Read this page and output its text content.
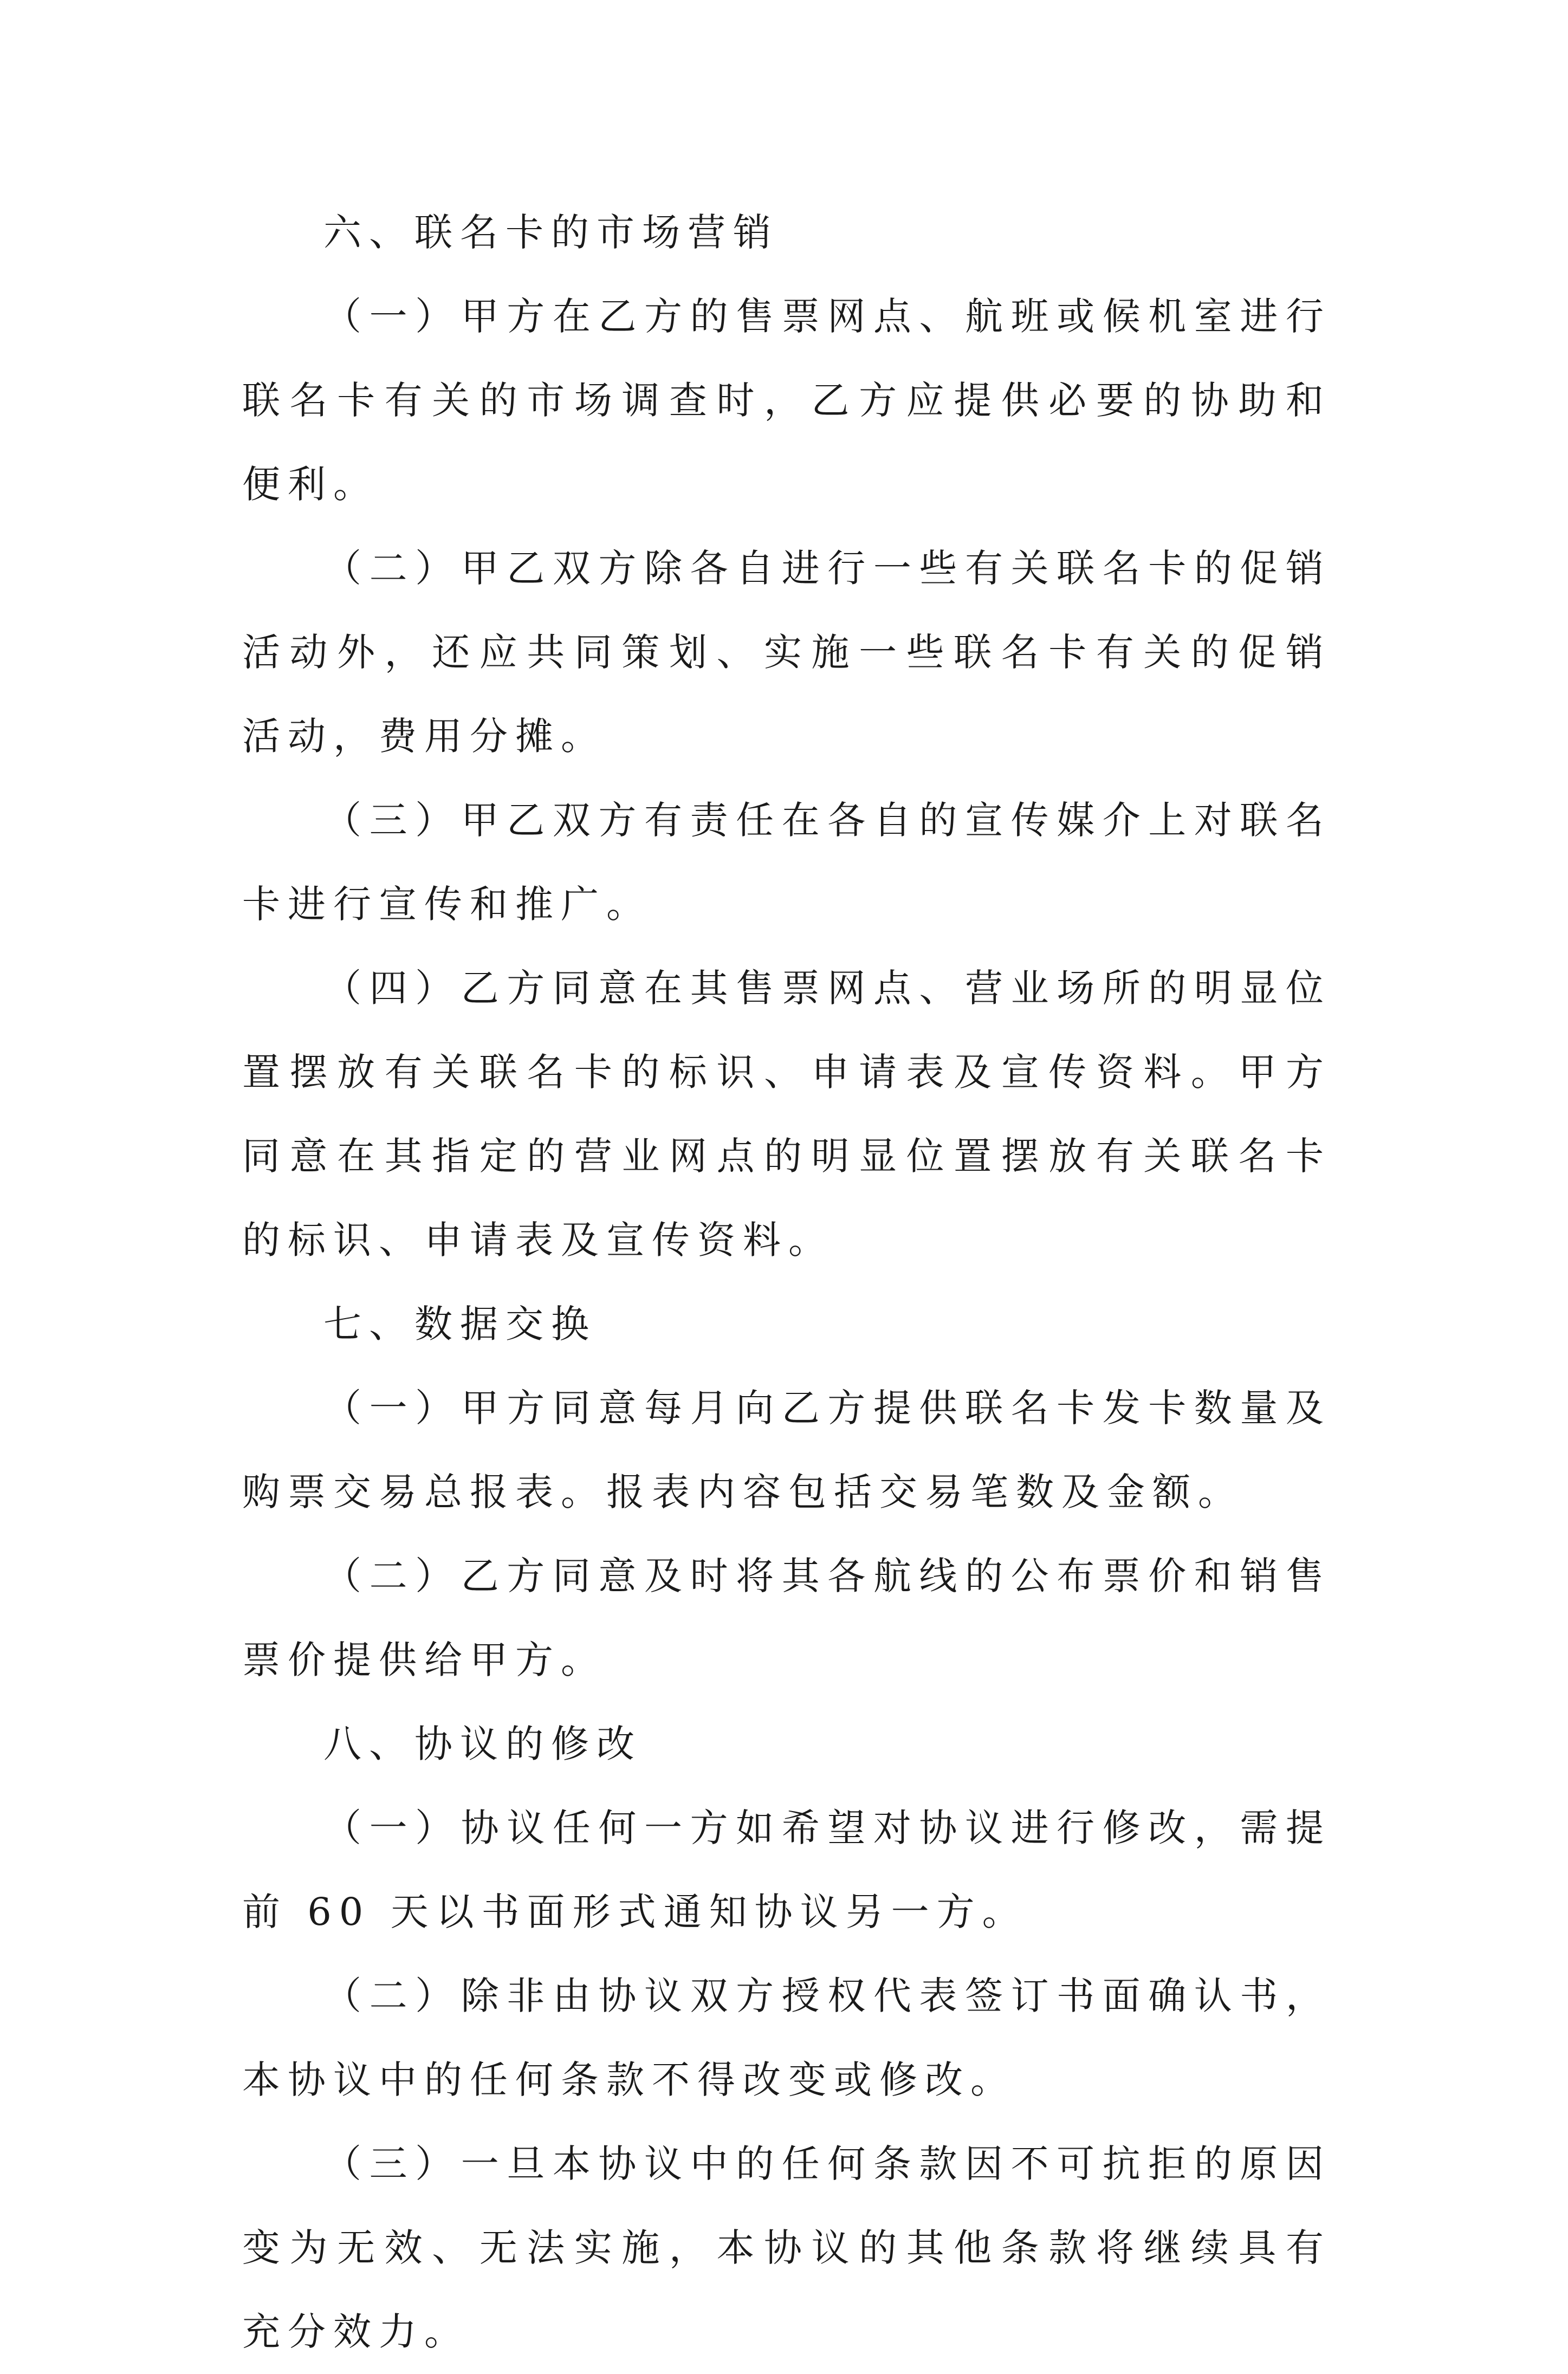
六、联名卡的市场营销

（一）甲方在乙方的售票网点、航班或候机室进行联名卡有关的市场调查时，乙方应提供必要的协助和便利。

（二）甲乙双方除各自进行一些有关联名卡的促销活动外，还应共同策划、实施一些联名卡有关的促销活动，费用分摊。

（三）甲乙双方有责任在各自的宣传媒介上对联名卡进行宣传和推广。

（四）乙方同意在其售票网点、营业场所的明显位置摆放有关联名卡的标识、申请表及宣传资料。甲方同意在其指定的营业网点的明显位置摆放有关联名卡的标识、申请表及宣传资料。

七、数据交换

（一）甲方同意每月向乙方提供联名卡发卡数量及购票交易总报表。报表内容包括交易笔数及金额。

（二）乙方同意及时将其各航线的公布票价和销售票价提供给甲方。

八、协议的修改

（一）协议任何一方如希望对协议进行修改，需提前 60 天以书面形式通知协议另一方。

（二）除非由协议双方授权代表签订书面确认书，本协议中的任何条款不得改变或修改。

（三）一旦本协议中的任何条款因不可抗拒的原因变为无效、无法实施，本协议的其他条款将继续具有充分效力。
